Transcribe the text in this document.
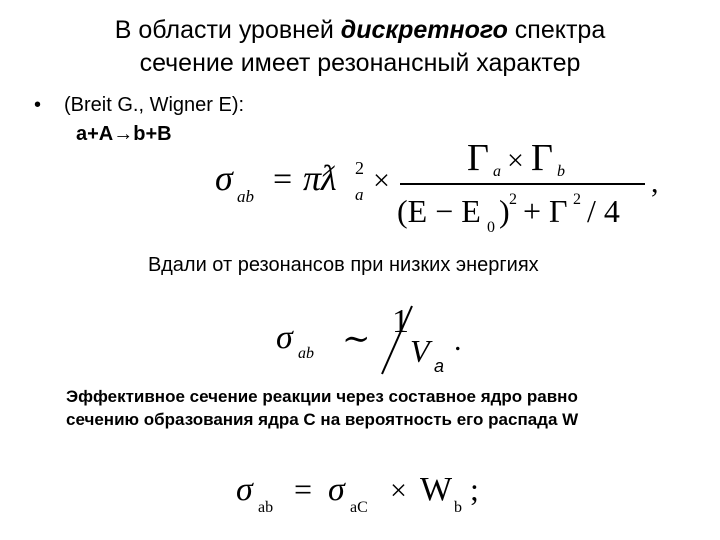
В области уровней дискретного спектра
сечение имеет резонансный характер
• (Breit G., Wigner E):
a+A→b+B
σ ab = πƛ 2
a ×
Γ a × Γ b
(E − E 0 ) 2 + Γ 2 / 4
,
Вдали от резонансов при низких энергиях
σ ab ∼ 1
V a
.
Эффективное сечение реакции через составное ядро равно
сечению образования ядра С на вероятность его распада W
σ ab
= σ aC
× W b
;
